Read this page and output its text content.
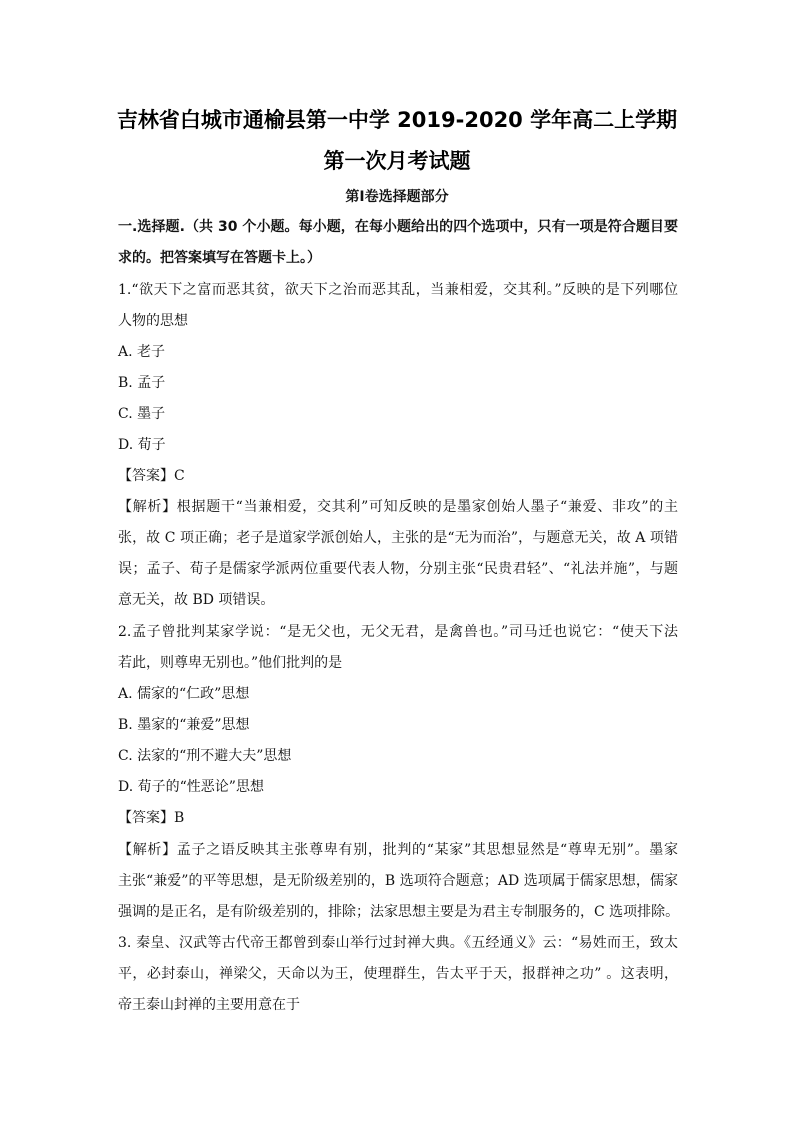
吉林省白城市通榆县第一中学 2019-2020 学年高二上学期
第一次月考试题
第Ⅰ卷选择题部分
一.选择题.（共 30 个小题。每小题，在每小题给出的四个选项中，只有一项是符合题目要
求的。把答案填写在答题卡上。）
1.“欲天下之富而恶其贫，欲天下之治而恶其乱，当兼相爱，交其利。”反映的是下列哪位
人物的思想
A. 老子
B. 孟子
C. 墨子
D. 荀子
【答案】C
【解析】根据题干“当兼相爱，交其利”可知反映的是墨家创始人墨子“兼爱、非攻”的主
张，故 C 项正确；老子是道家学派创始人，主张的是“无为而治”，与题意无关，故 A 项错
误；孟子、荀子是儒家学派两位重要代表人物，分别主张“民贵君轻”、“礼法并施”，与题
意无关，故 BD 项错误。
2.孟子曾批判某家学说：“是无父也，无父无君，是禽兽也。”司马迁也说它：“使天下法
若此，则尊卑无别也。”他们批判的是
A. 儒家的“仁政”思想
B. 墨家的“兼爱”思想
C. 法家的“刑不避大夫”思想
D. 荀子的“性恶论”思想
【答案】B
【解析】孟子之语反映其主张尊卑有别，批判的“某家”其思想显然是“尊卑无别”。墨家
主张“兼爱”的平等思想，是无阶级差别的，B 选项符合题意；AD 选项属于儒家思想，儒家
强调的是正名，是有阶级差别的，排除；法家思想主要是为君主专制服务的，C 选项排除。
3. 秦皇、汉武等古代帝王都曾到泰山举行过封禅大典。《五经通义》云：“易姓而王，致太
平，必封泰山，禅梁父，天命以为王，使理群生，告太平于天，报群神之功” 。这表明，
帝王泰山封禅的主要用意在于
